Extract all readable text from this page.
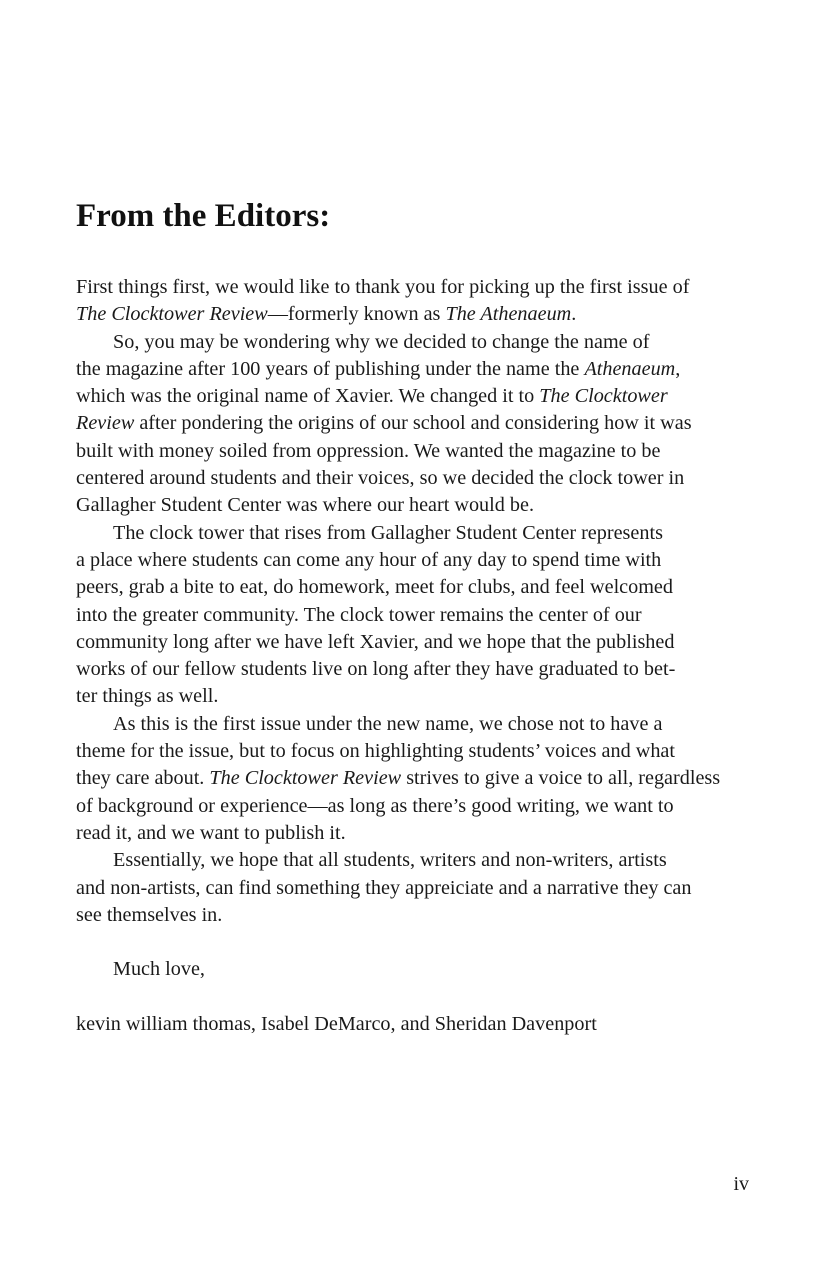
From the Editors:
First things first, we would like to thank you for picking up the first issue of
The Clocktower Review—formerly known as The Athenaeum.
So, you may be wondering why we decided to change the name of
the magazine after 100 years of publishing under the name the Athenaeum,
which was the original name of Xavier. We changed it to The Clocktower
Review after pondering the origins of our school and considering how it was
built with money soiled from oppression. We wanted the magazine to be
centered around students and their voices, so we decided the clock tower in
Gallagher Student Center was where our heart would be.
The clock tower that rises from Gallagher Student Center represents
a place where students can come any hour of any day to spend time with
peers, grab a bite to eat, do homework, meet for clubs, and feel welcomed
into the greater community. The clock tower remains the center of our
community long after we have left Xavier, and we hope that the published
works of our fellow students live on long after they have graduated to bet-
ter things as well.
As this is the first issue under the new name, we chose not to have a
theme for the issue, but to focus on highlighting students’ voices and what
they care about. The Clocktower Review strives to give a voice to all, regardless
of background or experience—as long as there’s good writing, we want to
read it, and we want to publish it.
Essentially, we hope that all students, writers and non-writers, artists
and non-artists, can find something they appreiciate and a narrative they can
see themselves in.
Much love,
kevin william thomas, Isabel DeMarco, and Sheridan Davenport
iv
